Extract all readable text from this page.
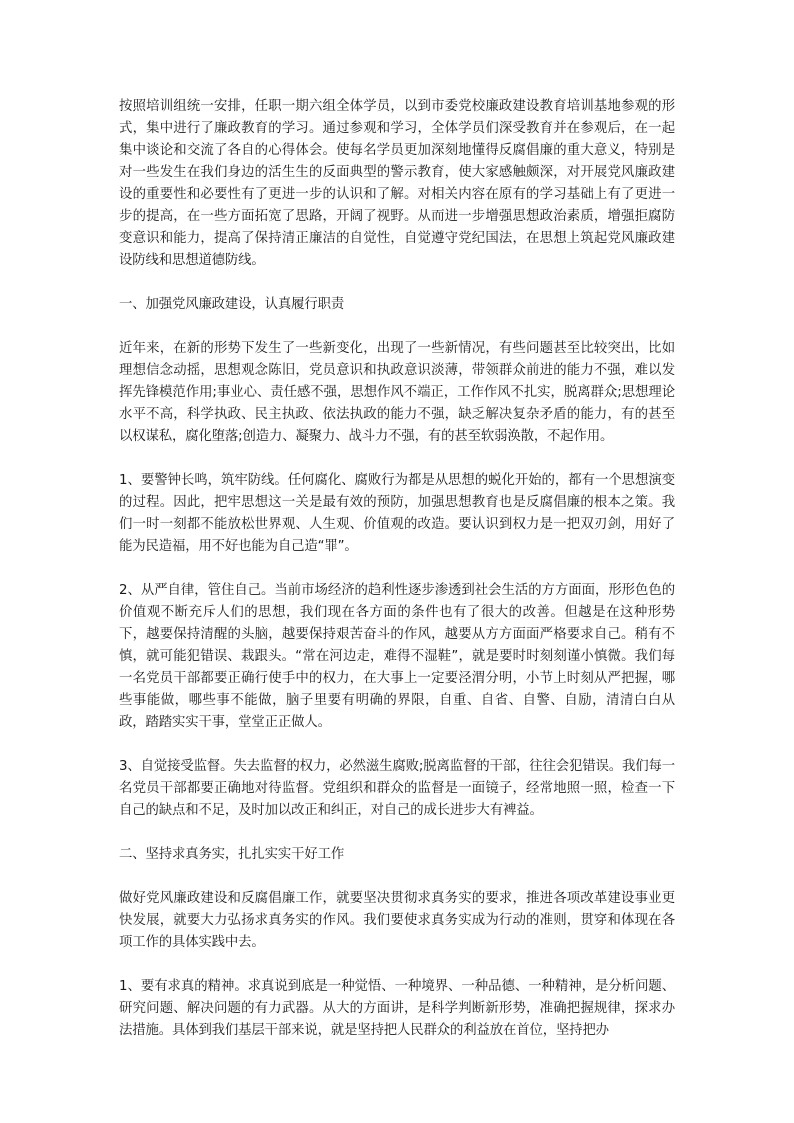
按照培训组统一安排，任职一期六组全体学员，以到市委党校廉政建设教育培训基地参观的形式，集中进行了廉政教育的学习。通过参观和学习，全体学员们深受教育并在参观后，在一起集中谈论和交流了各自的心得体会。使每名学员更加深刻地懂得反腐倡廉的重大意义，特别是对一些发生在我们身边的活生生的反面典型的警示教育，使大家感触颇深，对开展党风廉政建设的重要性和必要性有了更进一步的认识和了解。对相关内容在原有的学习基础上有了更进一步的提高，在一些方面拓宽了思路，开阔了视野。从而进一步增强思想政治素质，增强拒腐防变意识和能力，提高了保持清正廉洁的自觉性，自觉遵守党纪国法，在思想上筑起党风廉政建设防线和思想道德防线。

一、加强党风廉政建设，认真履行职责

近年来，在新的形势下发生了一些新变化，出现了一些新情况，有些问题甚至比较突出，比如理想信念动摇，思想观念陈旧，党员意识和执政意识淡薄，带领群众前进的能力不强，难以发挥先锋模范作用;事业心、责任感不强，思想作风不端正，工作作风不扎实，脱离群众;思想理论水平不高，科学执政、民主执政、依法执政的能力不强，缺乏解决复杂矛盾的能力，有的甚至以权谋私，腐化堕落;创造力、凝聚力、战斗力不强，有的甚至软弱涣散，不起作用。

1、要警钟长鸣，筑牢防线。任何腐化、腐败行为都是从思想的蜕化开始的，都有一个思想演变的过程。因此，把牢思想这一关是最有效的预防，加强思想教育也是反腐倡廉的根本之策。我们一时一刻都不能放松世界观、人生观、价值观的改造。要认识到权力是一把双刃剑，用好了能为民造福，用不好也能为自己造“罪”。

2、从严自律，管住自己。当前市场经济的趋利性逐步渗透到社会生活的方方面面，形形色色的价值观不断充斥人们的思想，我们现在各方面的条件也有了很大的改善。但越是在这种形势下，越要保持清醒的头脑，越要保持艰苦奋斗的作风，越要从方方面面严格要求自己。稍有不慎，就可能犯错误、栽跟头。“常在河边走，难得不湿鞋”，就是要时时刻刻谨小慎微。我们每一名党员干部都要正确行使手中的权力，在大事上一定要泾渭分明，小节上时刻从严把握，哪些事能做，哪些事不能做，脑子里要有明确的界限，自重、自省、自警、自励，清清白白从政，踏踏实实干事，堂堂正正做人。

3、自觉接受监督。失去监督的权力，必然滋生腐败;脱离监督的干部，往往会犯错误。我们每一名党员干部都要正确地对待监督。党组织和群众的监督是一面镜子，经常地照一照，检查一下自己的缺点和不足，及时加以改正和纠正，对自己的成长进步大有裨益。

二、坚持求真务实，扎扎实实干好工作

做好党风廉政建设和反腐倡廉工作，就要坚决贯彻求真务实的要求，推进各项改革建设事业更快发展，就要大力弘扬求真务实的作风。我们要使求真务实成为行动的准则，贯穿和体现在各项工作的具体实践中去。

1、要有求真的精神。求真说到底是一种觉悟、一种境界、一种品德、一种精神，是分析问题、研究问题、解决问题的有力武器。从大的方面讲，是科学判断新形势，准确把握规律，探求办法措施。具体到我们基层干部来说，就是坚持把人民群众的利益放在首位，坚持把办
